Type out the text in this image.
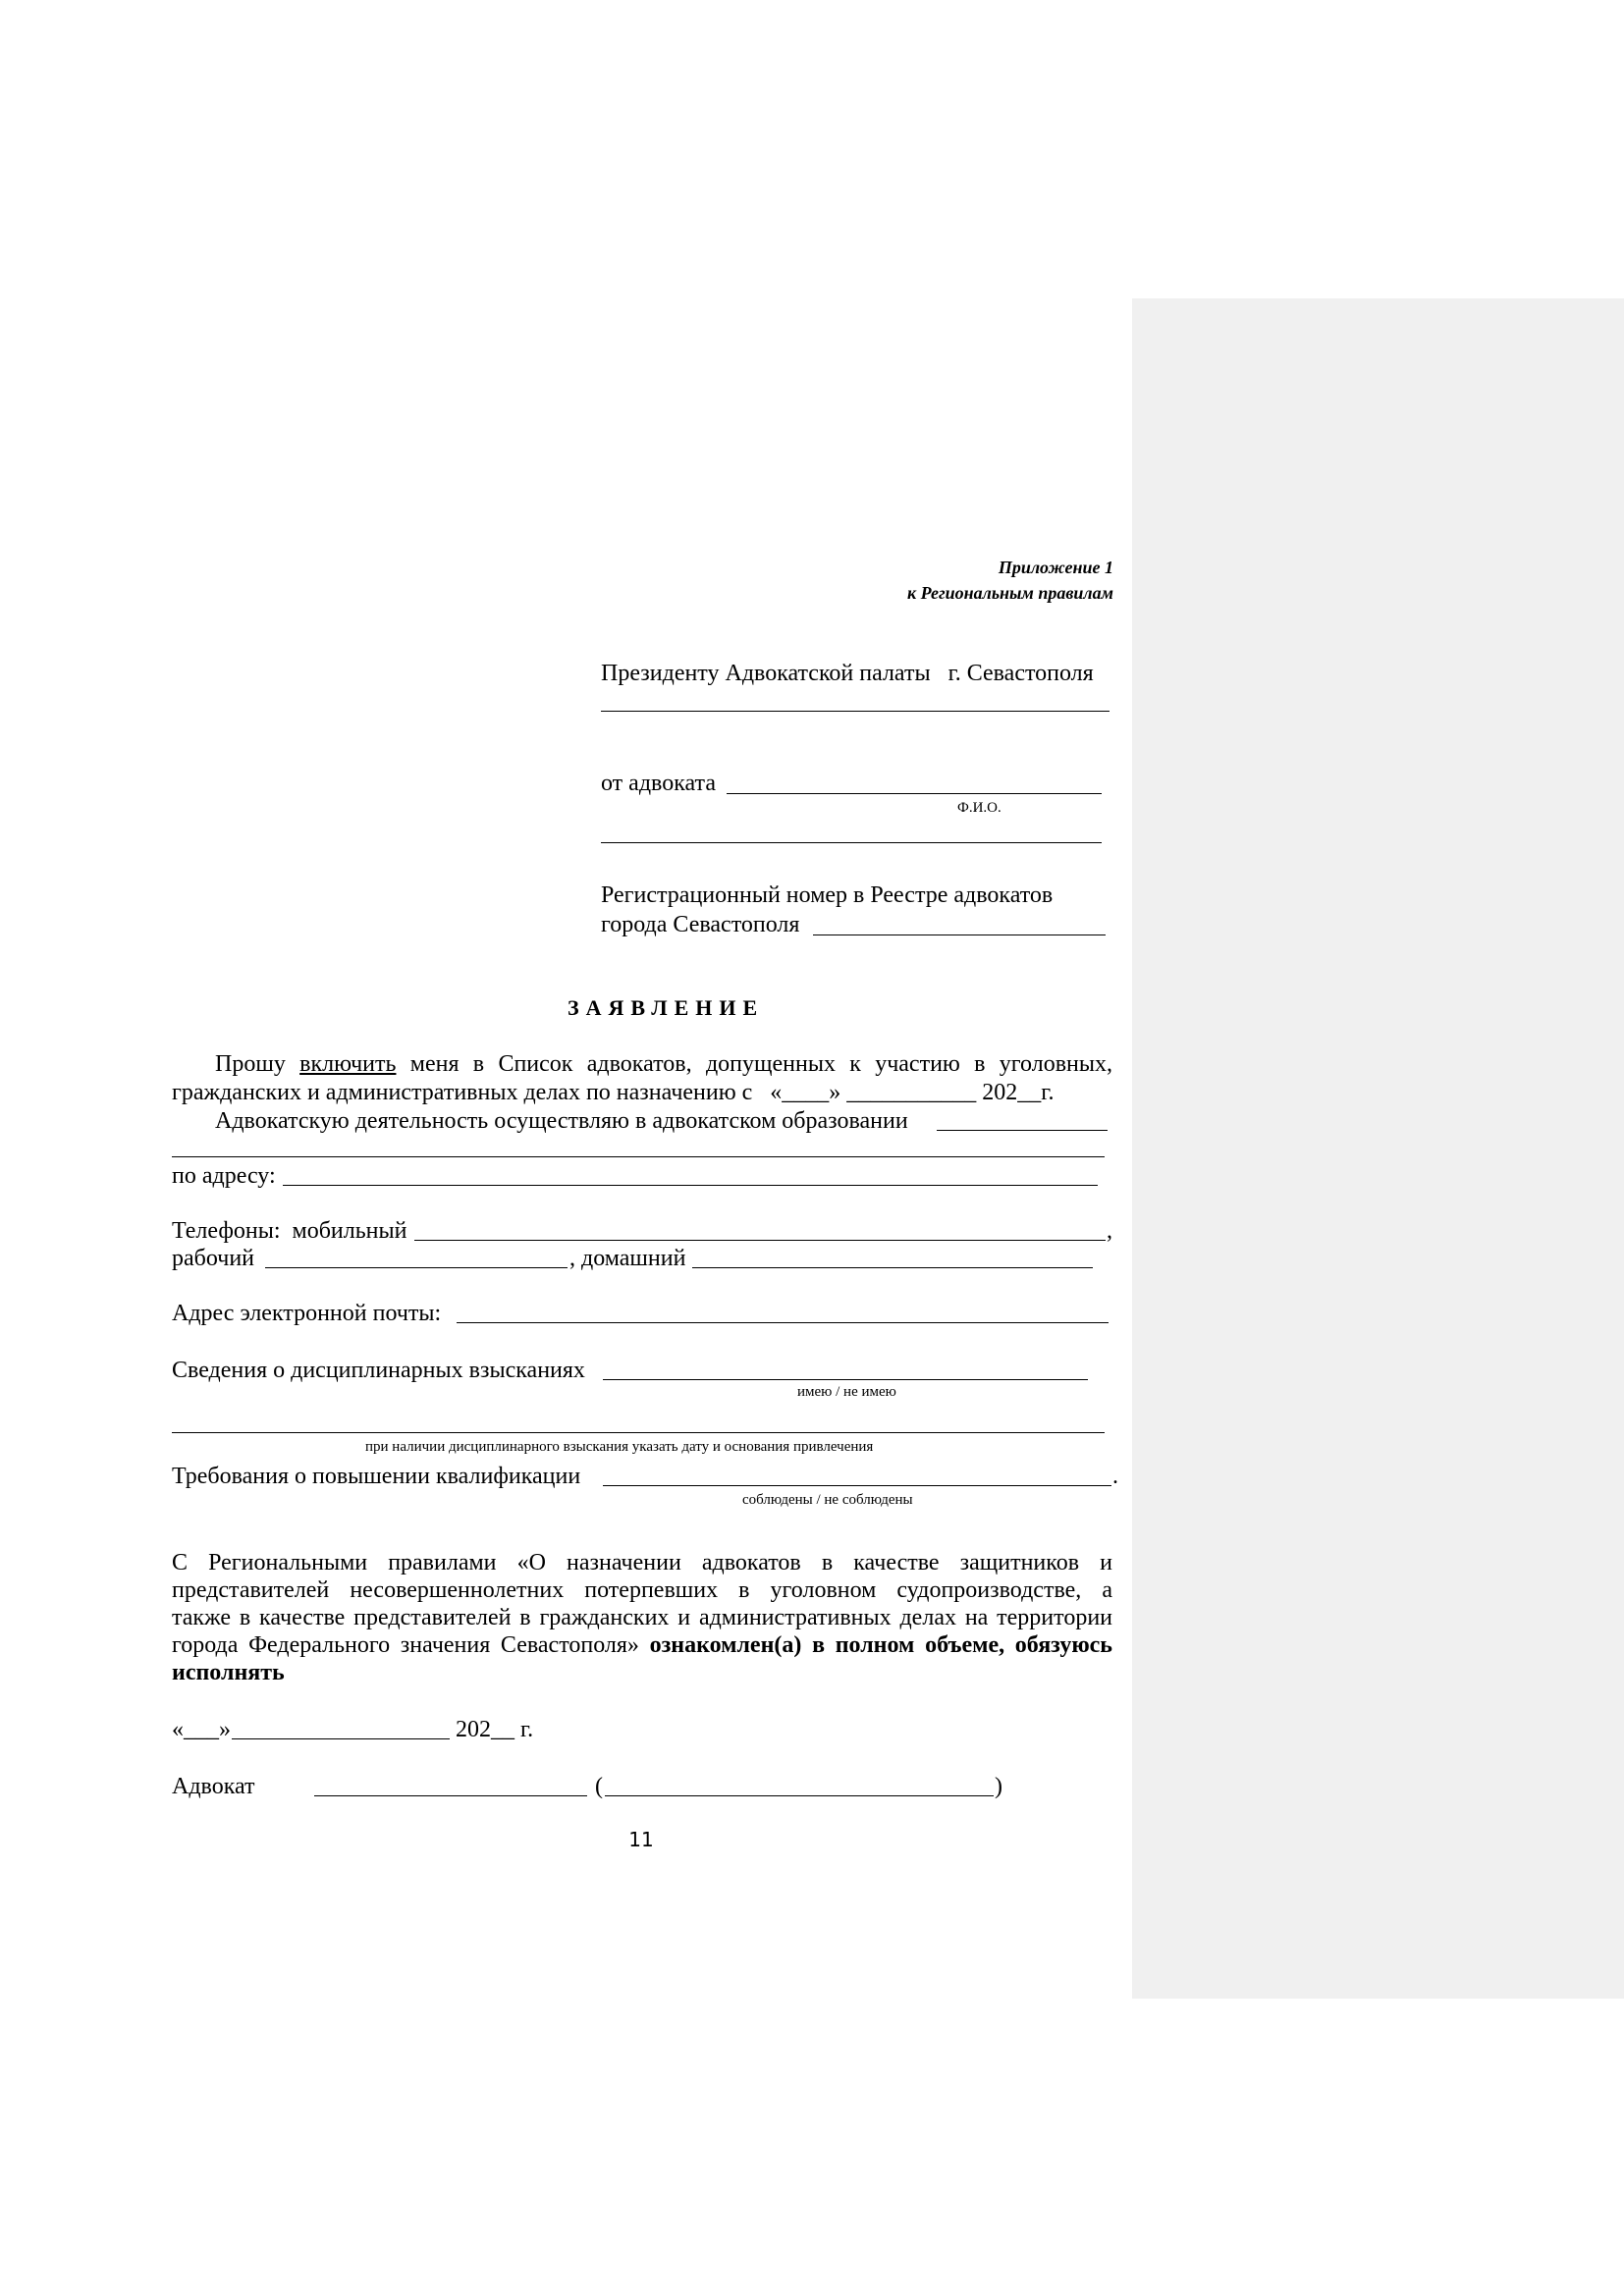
Приложение 1
к Региональным правилам
Президенту Адвокатской палаты   г. Севастополя
от адвоката
Ф.И.О.
Регистрационный номер в Реестре адвокатов
города Севастополя
ЗАЯВЛЕНИЕ
Прошу включить меня в Список адвокатов, допущенных к участию в уголовных,
гражданских и административных делах по назначению с   «____» ___________ 202__г.
Адвокатскую деятельность осуществляю в адвокатском образовании
по адресу:
Телефоны:  мобильный	,
рабочий	, домашний
Адрес электронной почты:
Сведения о дисциплинарных взысканиях
имею / не имею
при наличии дисциплинарного взыскания указать дату и основания привлечения
Требования о повышении квалификации	.
соблюдены / не соблюдены
С Региональными правилами «О назначении адвокатов в качестве защитников и
представителей несовершеннолетних потерпевших в уголовном судопроизводстве, а
также в качестве представителей в гражданских и административных делах на территории
города Федерального значения Севастополя» ознакомлен(а) в полном объеме, обязуюсь
исполнять
«___»	202__ г.
Адвокат	(	)
11
